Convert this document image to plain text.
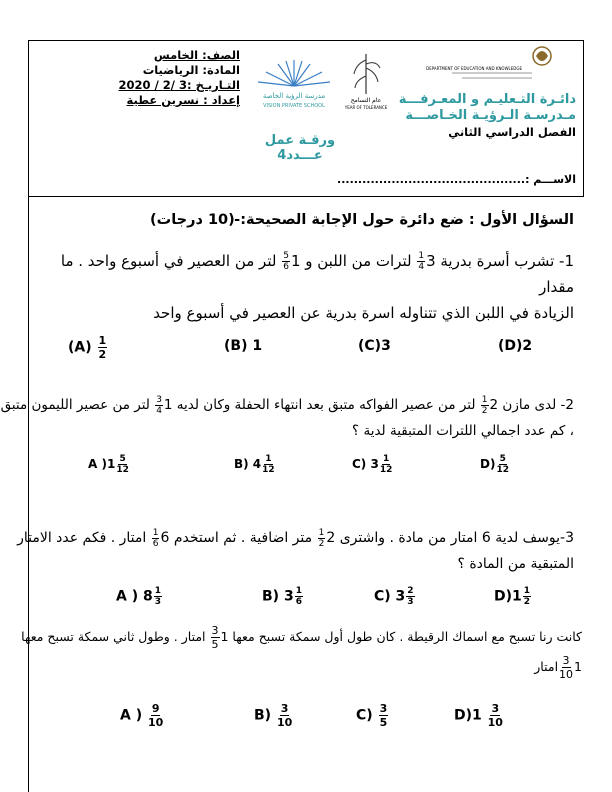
DEPARTMENT OF EDUCATION AND KNOWLEDGE
دائـرة التـعليـم و المعـرفـــة
مـدرسـة الـرؤيـة الخـاصـــة
الفصل الدراسي الثاني
عام التسامح
YEAR OF TOLERANCE
مدرسة الرؤية الخاصة
VISION PRIVATE SCHOOL
ورقـة عمل عـــدد4
الصف: الخامس
المادة: الرياضيات
التـاريـخ :3 /2 / 2020
إعداد : نسرين عطية
الاســـم :.............................................
السؤال الأول : ضع دائرة حول الإجابة الصحيحة:-
(10 درجات)
1- تشرب أسرة بدرية 3
$\frac{1}{4}$
لترات من اللبن و 1
$\frac{5}{6}$
لتر من العصير في أسبوع واحد . ما مقدار
الزيادة في اللبن الذي تتناوله اسرة بدرية عن العصير في أسبوع واحد
$(A) \frac{1}{2}$	(B) 1	(C)3	(D)2
2- لدى مازن 2
$\frac{1}{2}$
لتر من عصير الفواكه متبق بعد انتهاء الحفلة وكان لديه 1
$\frac{3}{4}$
لتر من عصير الليمون متبق
، كم عدد اجمالي اللترات المتبقية لدية ؟
A )$1 \frac{5}{12}$	B) $4 \frac{1}{12}$	C) $3 \frac{1}{12}$	$D) \frac{5}{12}$
3-يوسف لدية 6 امتار من مادة . واشترى 2
$\frac{1}{2}$
متر اضافية . ثم استخدم 6
$\frac{1}{6}$
امتار . فكم عدد الامتار
المتبقية من المادة ؟
A ) $8 \frac{1}{3}$	B) $3 \frac{1}{6}$	C) $3 \frac{2}{3}$	$D)1 \frac{1}{2}$
كانت رنا تسبح مع اسماك الرقيطة . كان طول أول سمكة تسبح معها 1
$\frac{3}{5}$
امتار . وطول ثاني سمكة تسبح معها
1
$\frac{3}{10}$
امتار
A ) $\frac{9}{10}$	$B) \frac{3}{10}$	$C) \frac{3}{5}$	$D)1 \frac{3}{10}$
